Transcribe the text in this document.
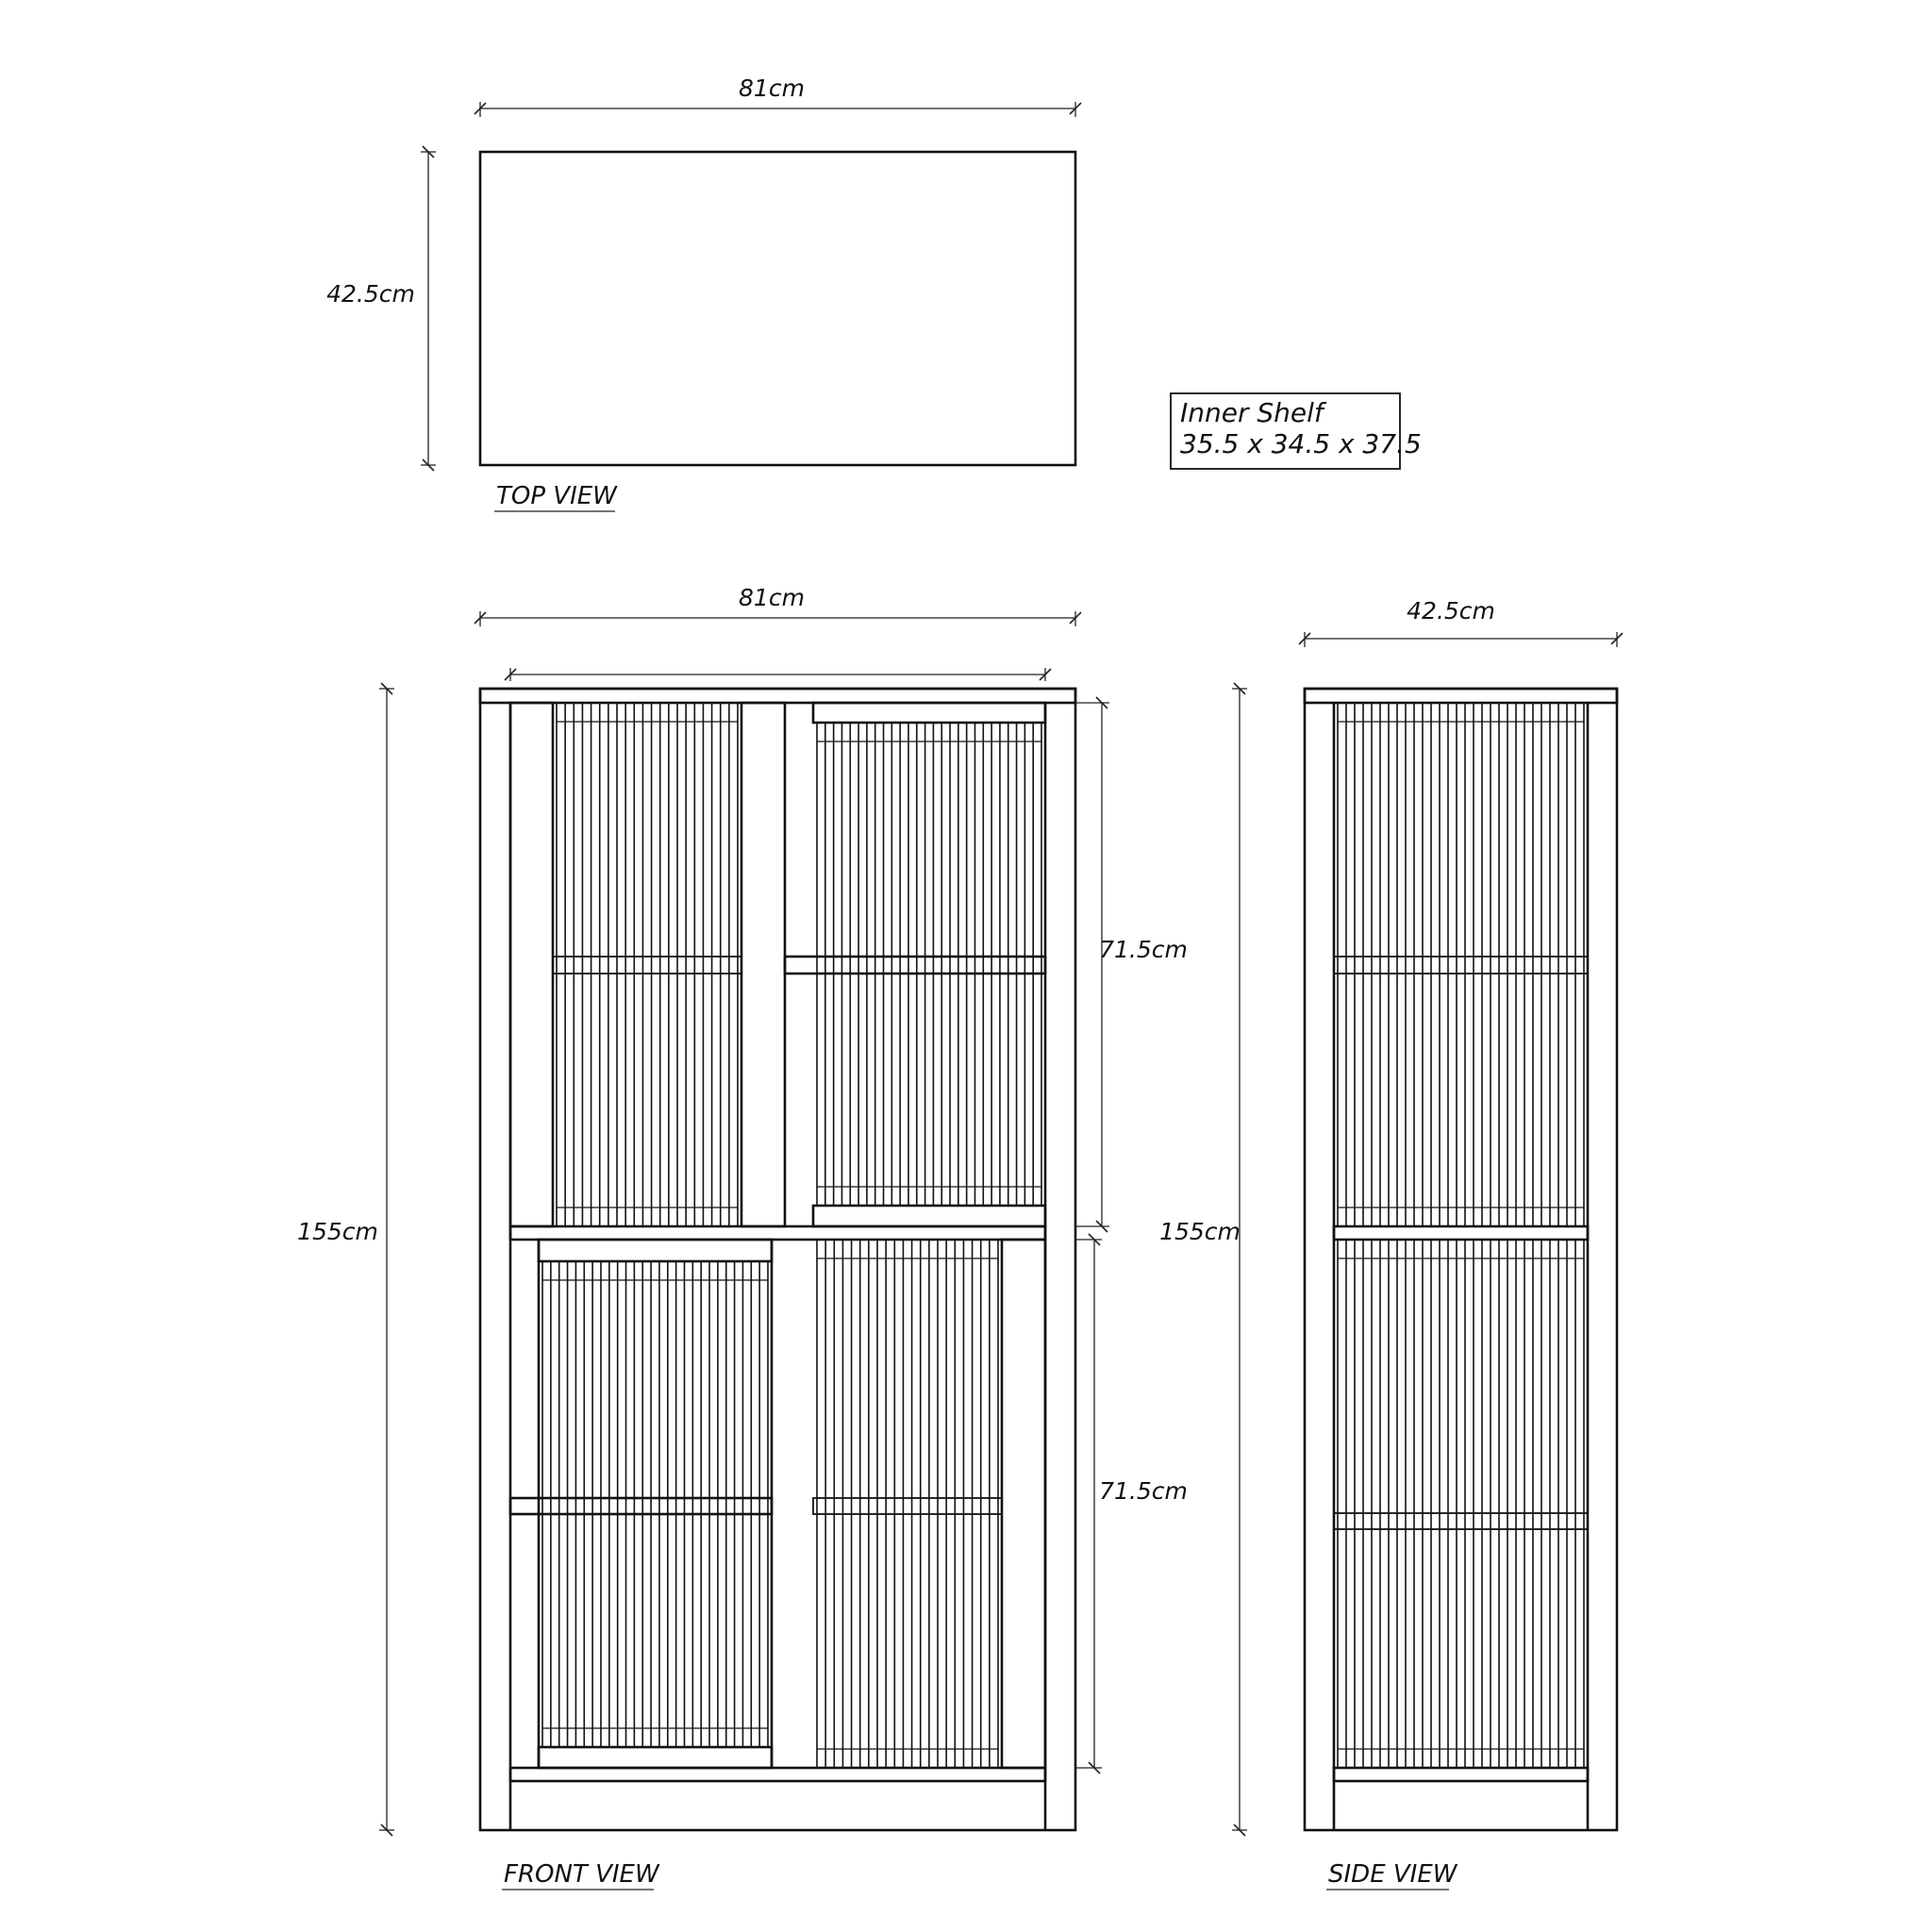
81cm
42.5cm
TOP VIEW
Inner Shelf
35.5 x 34.5 x 37.5
81cm
155cm
71.5cm
71.5cm
FRONT VIEW
42.5cm
155cm
SIDE VIEW
